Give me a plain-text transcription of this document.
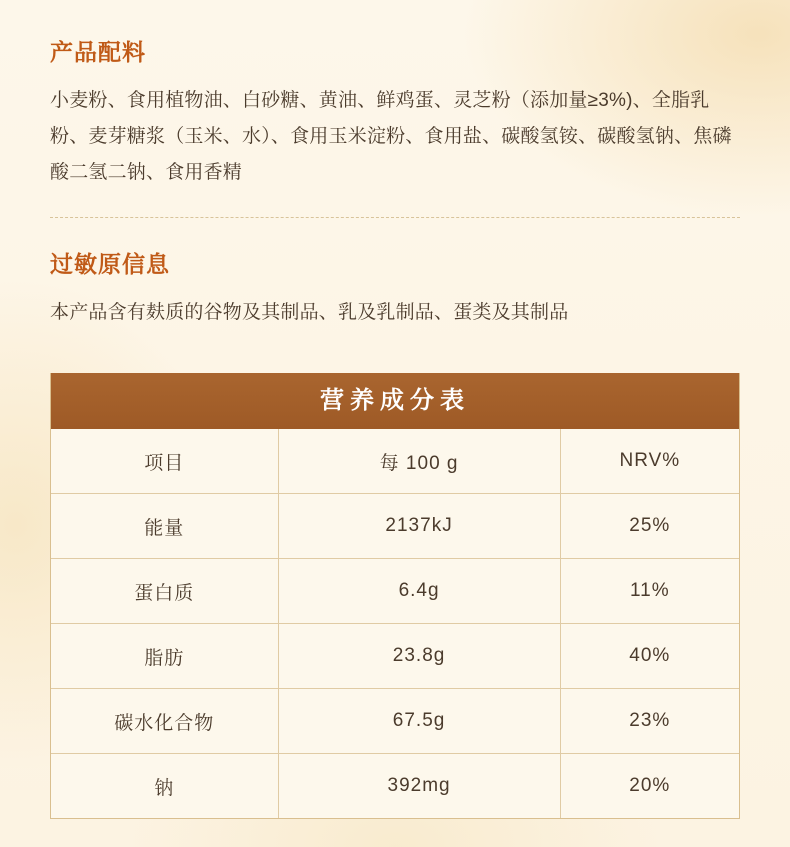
产品配料
小麦粉、食用植物油、白砂糖、黄油、鲜鸡蛋、灵芝粉（添加量≥3%)、全脂乳粉、麦芽糖浆（玉米、水）、食用玉米淀粉、食用盐、碳酸氢铵、碳酸氢钠、焦磷酸二氢二钠、食用香精
过敏原信息
本产品含有麸质的谷物及其制品、乳及乳制品、蛋类及其制品
营养成分表
项目	每 100 g	NRV%
能量	2137kJ	25%
蛋白质	6.4g	11%
脂肪	23.8g	40%
碳水化合物	67.5g	23%
钠	392mg	20%
